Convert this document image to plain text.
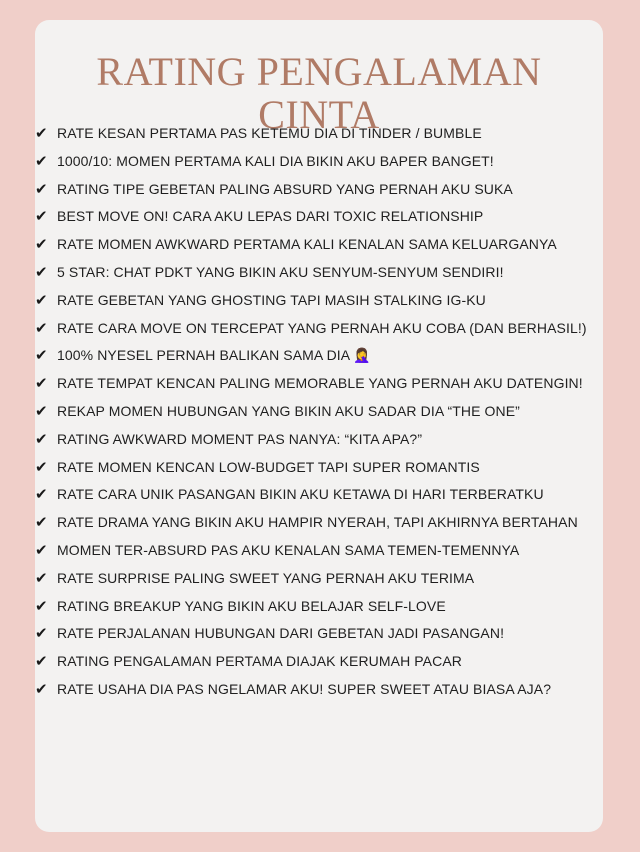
RATING PENGALAMAN
CINTA
✔ RATE KESAN PERTAMA PAS KETEMU DIA DI TINDER / BUMBLE
✔ 1000/10: MOMEN PERTAMA KALI DIA BIKIN AKU BAPER BANGET!
✔ RATING TIPE GEBETAN PALING ABSURD YANG PERNAH AKU SUKA
✔ BEST MOVE ON! CARA AKU LEPAS DARI TOXIC RELATIONSHIP
✔ RATE MOMEN AWKWARD PERTAMA KALI KENALAN SAMA KELUARGANYA
✔ 5 STAR: CHAT PDKT YANG BIKIN AKU SENYUM-SENYUM SENDIRI!
✔ RATE GEBETAN YANG GHOSTING TAPI MASIH STALKING IG-KU
✔ RATE CARA MOVE ON TERCEPAT YANG PERNAH AKU COBA (DAN BERHASIL!)
✔ 100% NYESEL PERNAH BALIKAN SAMA DIA 🤦‍♀️
✔ RATE TEMPAT KENCAN PALING MEMORABLE YANG PERNAH AKU DATENGIN!
✔ REKAP MOMEN HUBUNGAN YANG BIKIN AKU SADAR DIA “THE ONE”
✔ RATING AWKWARD MOMENT PAS NANYA: “KITA APA?”
✔ RATE MOMEN KENCAN LOW-BUDGET TAPI SUPER ROMANTIS
✔ RATE CARA UNIK PASANGAN BIKIN AKU KETAWA DI HARI TERBERATKU
✔ RATE DRAMA YANG BIKIN AKU HAMPIR NYERAH, TAPI AKHIRNYA BERTAHAN
✔ MOMEN TER-ABSURD PAS AKU KENALAN SAMA TEMEN-TEMENNYA
✔ RATE SURPRISE PALING SWEET YANG PERNAH AKU TERIMA
✔ RATING BREAKUP YANG BIKIN AKU BELAJAR SELF-LOVE
✔ RATE PERJALANAN HUBUNGAN DARI GEBETAN JADI PASANGAN!
✔ RATING PENGALAMAN PERTAMA DIAJAK KERUMAH PACAR
✔ RATE USAHA DIA PAS NGELAMAR AKU! SUPER SWEET ATAU BIASA AJA?
